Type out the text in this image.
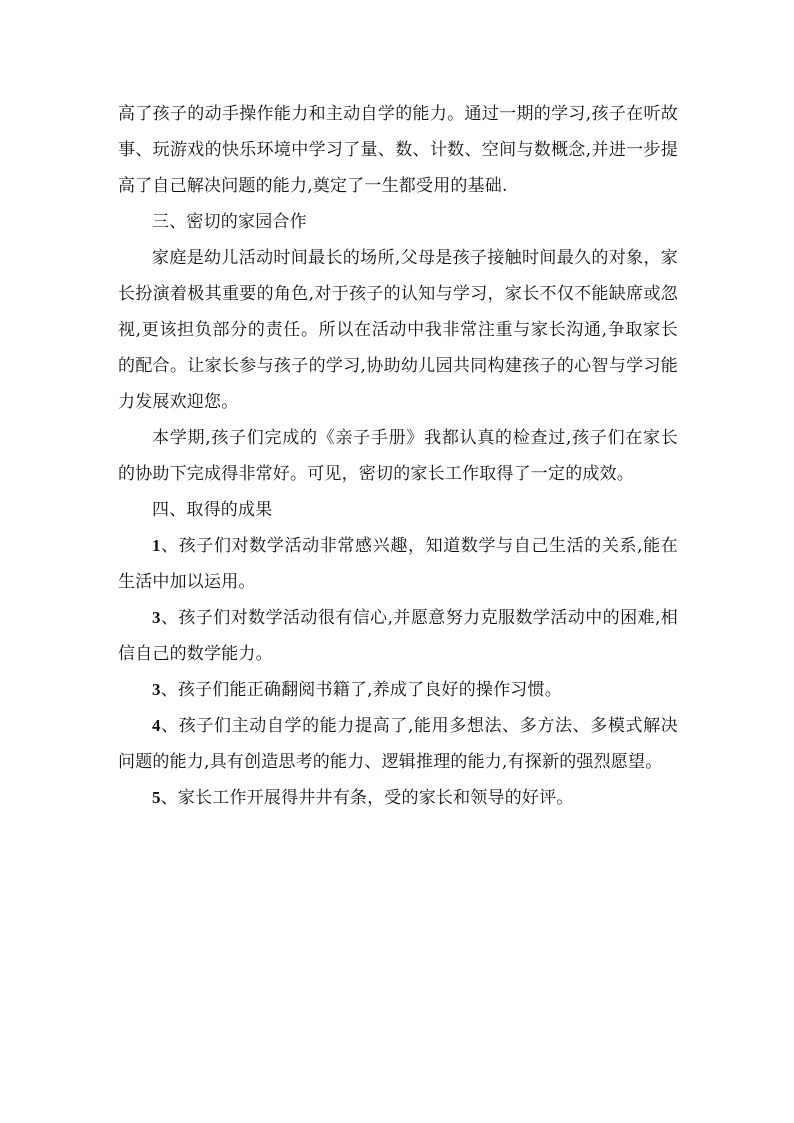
高了孩子的动手操作能力和主动自学的能力。通过一期的学习,孩子在听故事、玩游戏的快乐环境中学习了量、数、计数、空间与数概念,并进一步提高了自己解决问题的能力,奠定了一生都受用的基础.

三、密切的家园合作

家庭是幼儿活动时间最长的场所,父母是孩子接触时间最久的对象，家长扮演着极其重要的角色,对于孩子的认知与学习，家长不仅不能缺席或忽视,更该担负部分的责任。所以在活动中我非常注重与家长沟通,争取家长的配合。让家长参与孩子的学习,协助幼儿园共同构建孩子的心智与学习能力发展欢迎您。

本学期,孩子们完成的《亲子手册》我都认真的检查过,孩子们在家长的协助下完成得非常好。可见，密切的家长工作取得了一定的成效。

四、取得的成果

1、孩子们对数学活动非常感兴趣，知道数学与自己生活的关系,能在生活中加以运用。

3、孩子们对数学活动很有信心,并愿意努力克服数学活动中的困难,相信自己的数学能力。

3、孩子们能正确翻阅书籍了,养成了良好的操作习惯。

4、孩子们主动自学的能力提高了,能用多想法、多方法、多模式解决问题的能力,具有创造思考的能力、逻辑推理的能力,有探新的强烈愿望。

5、家长工作开展得井井有条，受的家长和领导的好评。
